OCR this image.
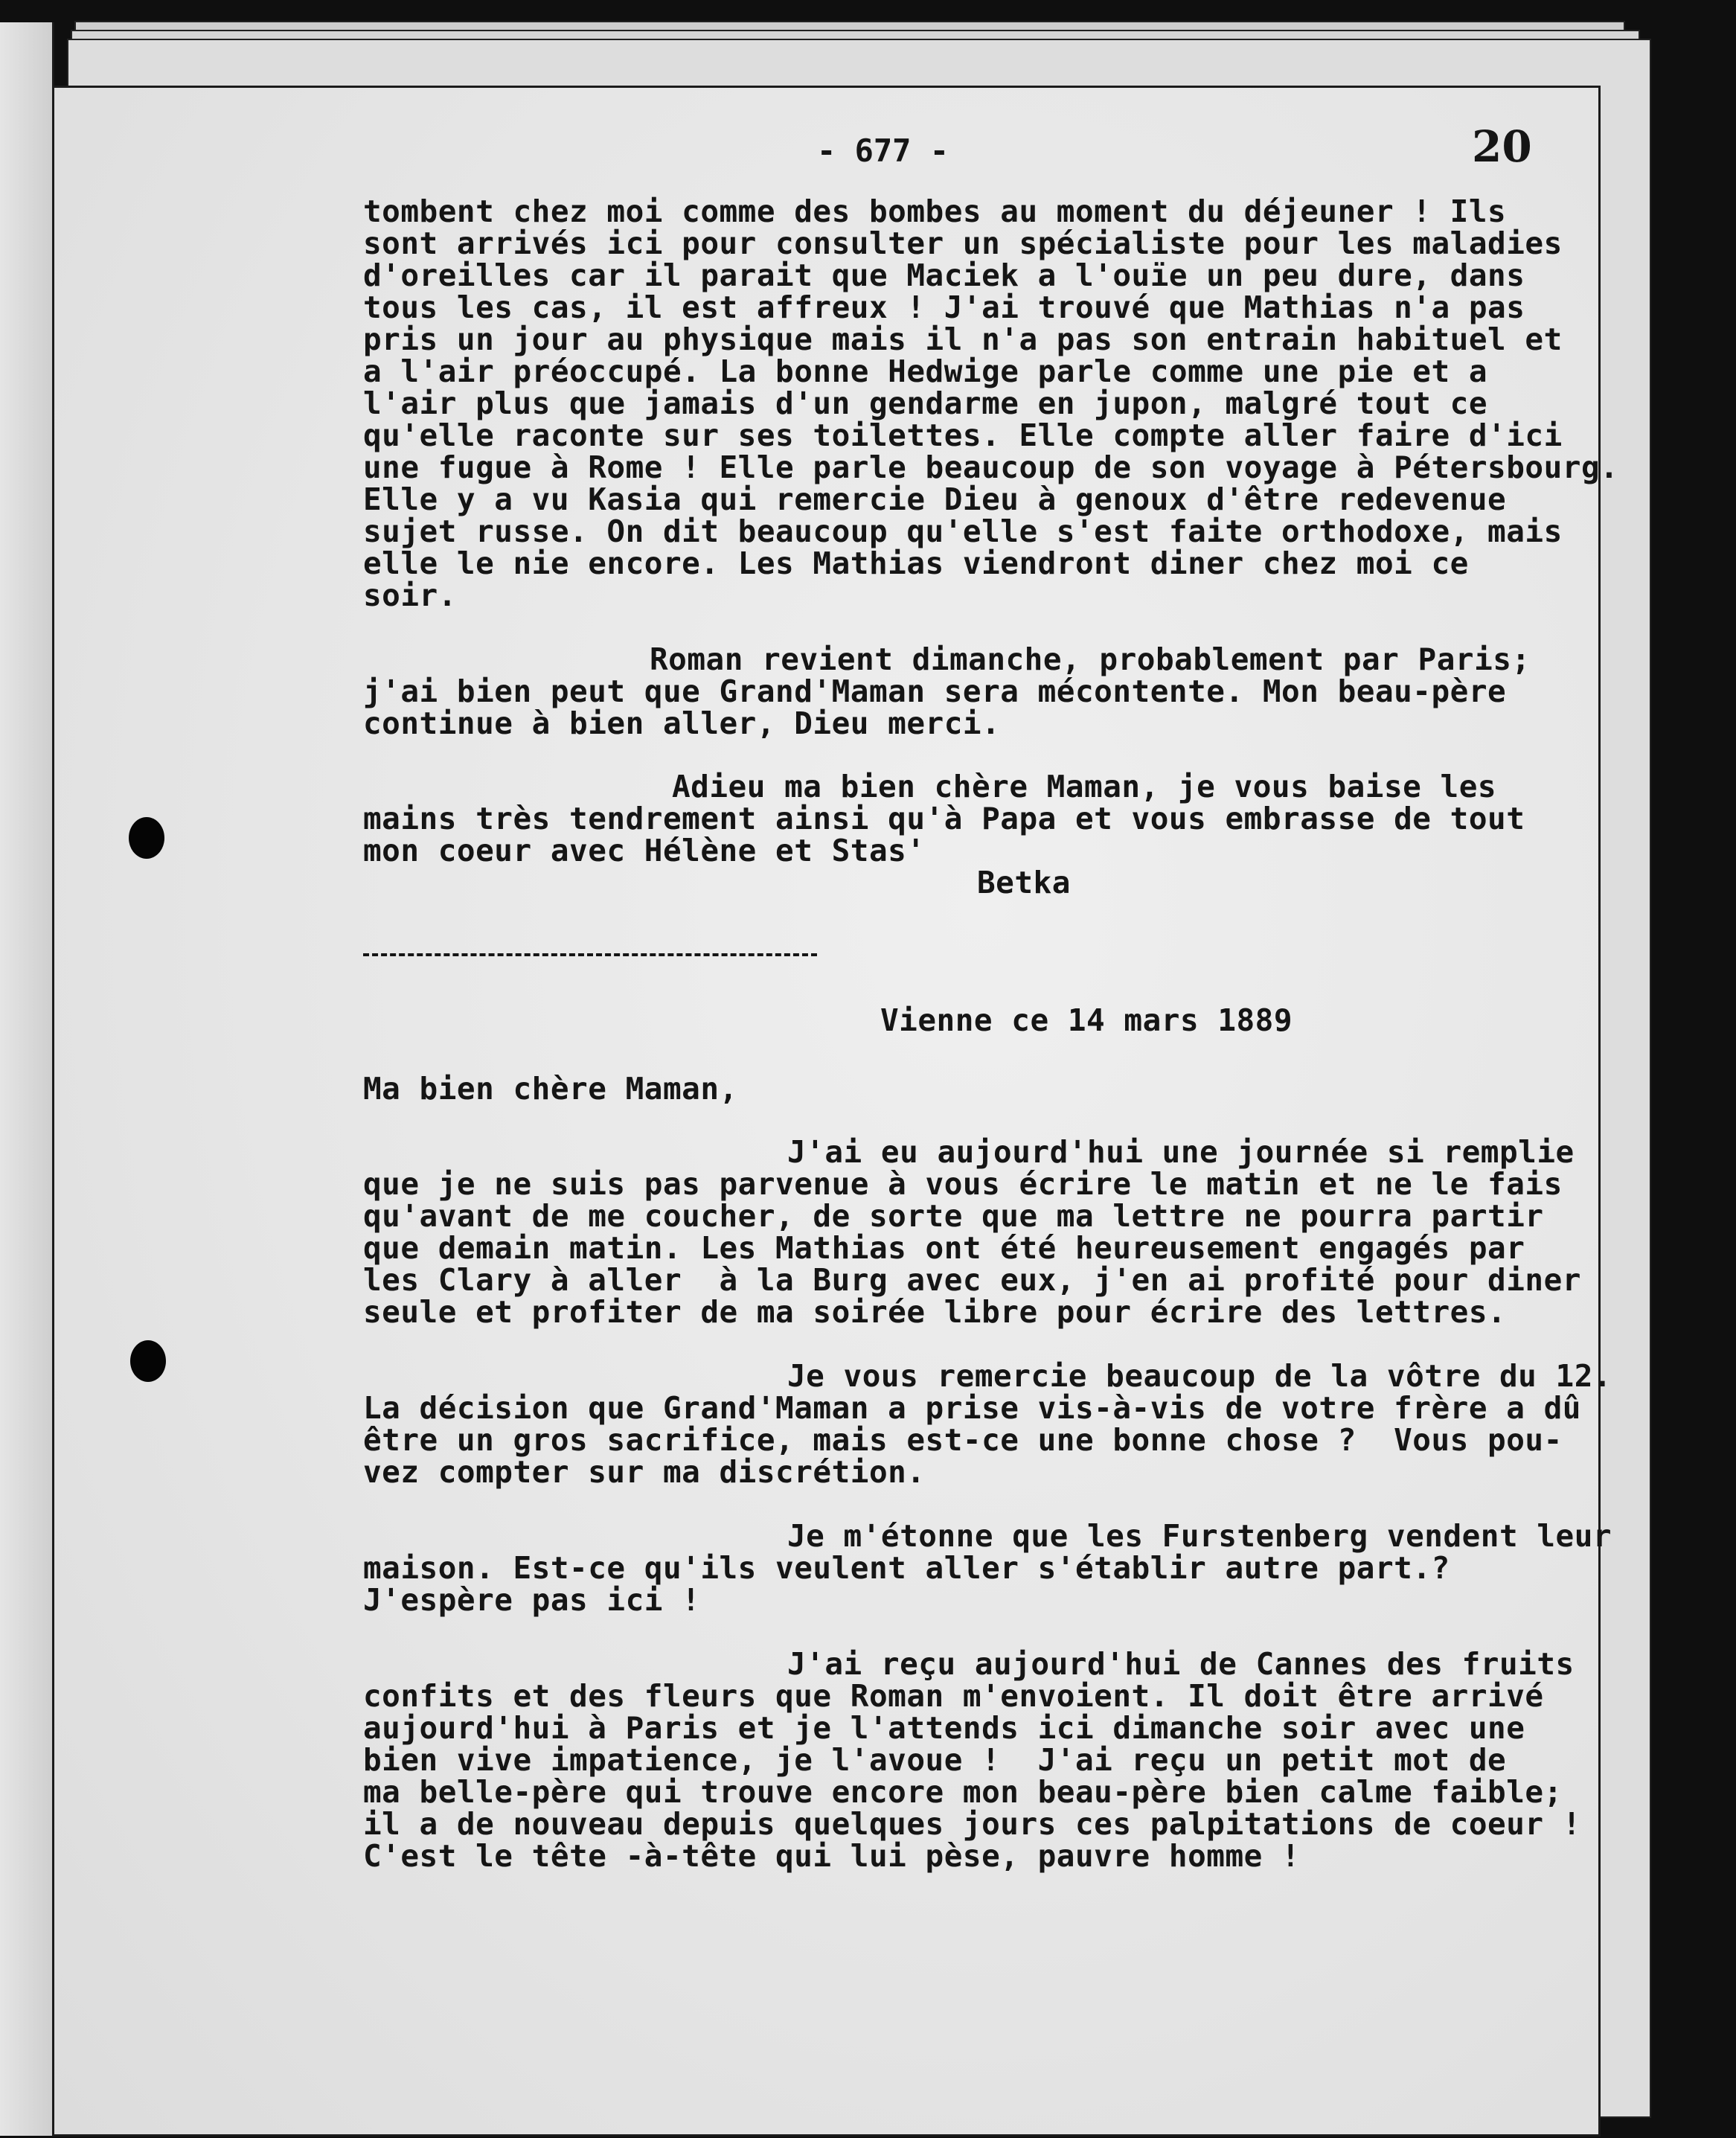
- 677 -	20
tombent chez moi comme des bombes au moment du déjeuner ! Ils
sont arrivés ici pour consulter un spécialiste pour les maladies
d'oreilles car il parait que Maciek a l'ouïe un peu dure, dans
tous les cas, il est affreux ! J'ai trouvé que Mathias n'a pas
pris un jour au physique mais il n'a pas son entrain habituel et
a l'air préoccupé. La bonne Hedwige parle comme une pie et a
l'air plus que jamais d'un gendarme en jupon, malgré tout ce
qu'elle raconte sur ses toilettes. Elle compte aller faire d'ici
une fugue à Rome ! Elle parle beaucoup de son voyage à Pétersbourg.
Elle y a vu Kasia qui remercie Dieu à genoux d'être redevenue
sujet russe. On dit beaucoup qu'elle s'est faite orthodoxe, mais
elle le nie encore. Les Mathias viendront diner chez moi ce
soir.
Roman revient dimanche, probablement par Paris;
j'ai bien peut que Grand'Maman sera mécontente. Mon beau-père
continue à bien aller, Dieu merci.
Adieu ma bien chère Maman, je vous baise les
mains très tendrement ainsi qu'à Papa et vous embrasse de tout
mon coeur avec Hélène et Stas'
Betka
Vienne ce 14 mars 1889
Ma bien chère Maman,
J'ai eu aujourd'hui une journée si remplie
que je ne suis pas parvenue à vous écrire le matin et ne le fais
qu'avant de me coucher, de sorte que ma lettre ne pourra partir
que demain matin. Les Mathias ont été heureusement engagés par
les Clary à aller  à la Burg avec eux, j'en ai profité pour diner
seule et profiter de ma soirée libre pour écrire des lettres.
Je vous remercie beaucoup de la vôtre du 12.
La décision que Grand'Maman a prise vis-à-vis de votre frère a dû
être un gros sacrifice, mais est-ce une bonne chose ?  Vous pou-
vez compter sur ma discrétion.
Je m'étonne que les Furstenberg vendent leur
maison. Est-ce qu'ils veulent aller s'établir autre part.?
J'espère pas ici !
J'ai reçu aujourd'hui de Cannes des fruits
confits et des fleurs que Roman m'envoient. Il doit être arrivé
aujourd'hui à Paris et je l'attends ici dimanche soir avec une
bien vive impatience, je l'avoue !  J'ai reçu un petit mot de
ma belle-père qui trouve encore mon beau-père bien calme faible;
il a de nouveau depuis quelques jours ces palpitations de coeur !
C'est le tête -à-tête qui lui pèse, pauvre homme !
